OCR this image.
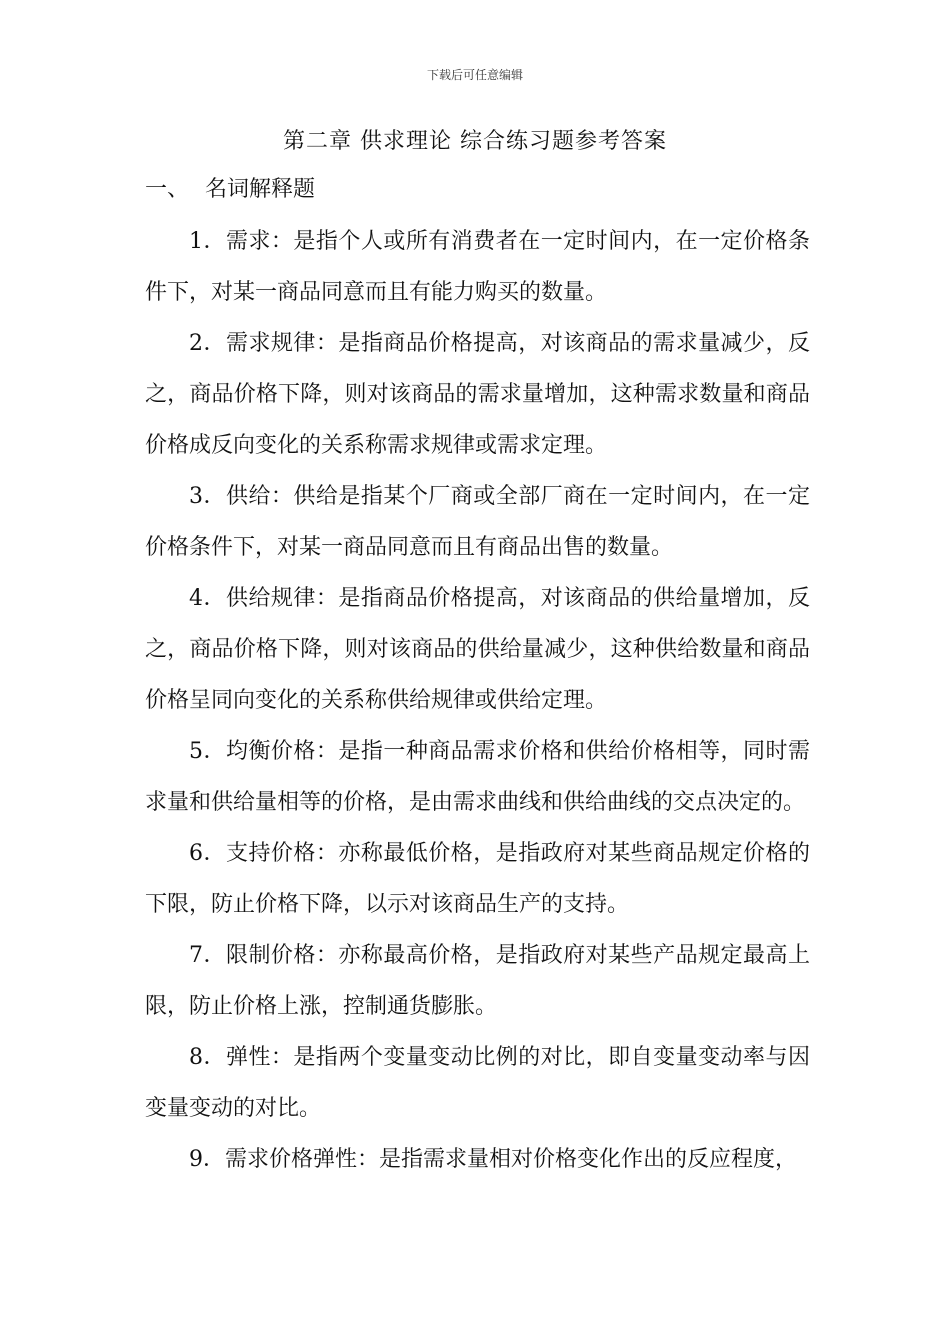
下载后可任意编辑
第二章 供求理论 综合练习题参考答案
一、 名词解释题

1．需求：是指个人或所有消费者在一定时间内，在一定价格条件下，对某一商品同意而且有能力购买的数量。

2．需求规律：是指商品价格提高，对该商品的需求量减少，反之，商品价格下降，则对该商品的需求量增加，这种需求数量和商品价格成反向变化的关系称需求规律或需求定理。

3．供给：供给是指某个厂商或全部厂商在一定时间内，在一定价格条件下，对某一商品同意而且有商品出售的数量。

4．供给规律：是指商品价格提高，对该商品的供给量增加，反之，商品价格下降，则对该商品的供给量减少，这种供给数量和商品价格呈同向变化的关系称供给规律或供给定理。

5．均衡价格：是指一种商品需求价格和供给价格相等，同时需求量和供给量相等的价格，是由需求曲线和供给曲线的交点决定的。

6．支持价格：亦称最低价格，是指政府对某些商品规定价格的下限，防止价格下降，以示对该商品生产的支持。

7．限制价格：亦称最高价格，是指政府对某些产品规定最高上限，防止价格上涨，控制通货膨胀。

8．弹性：是指两个变量变动比例的对比，即自变量变动率与因变量变动的对比。

9．需求价格弹性：是指需求量相对价格变化作出的反应程度，
